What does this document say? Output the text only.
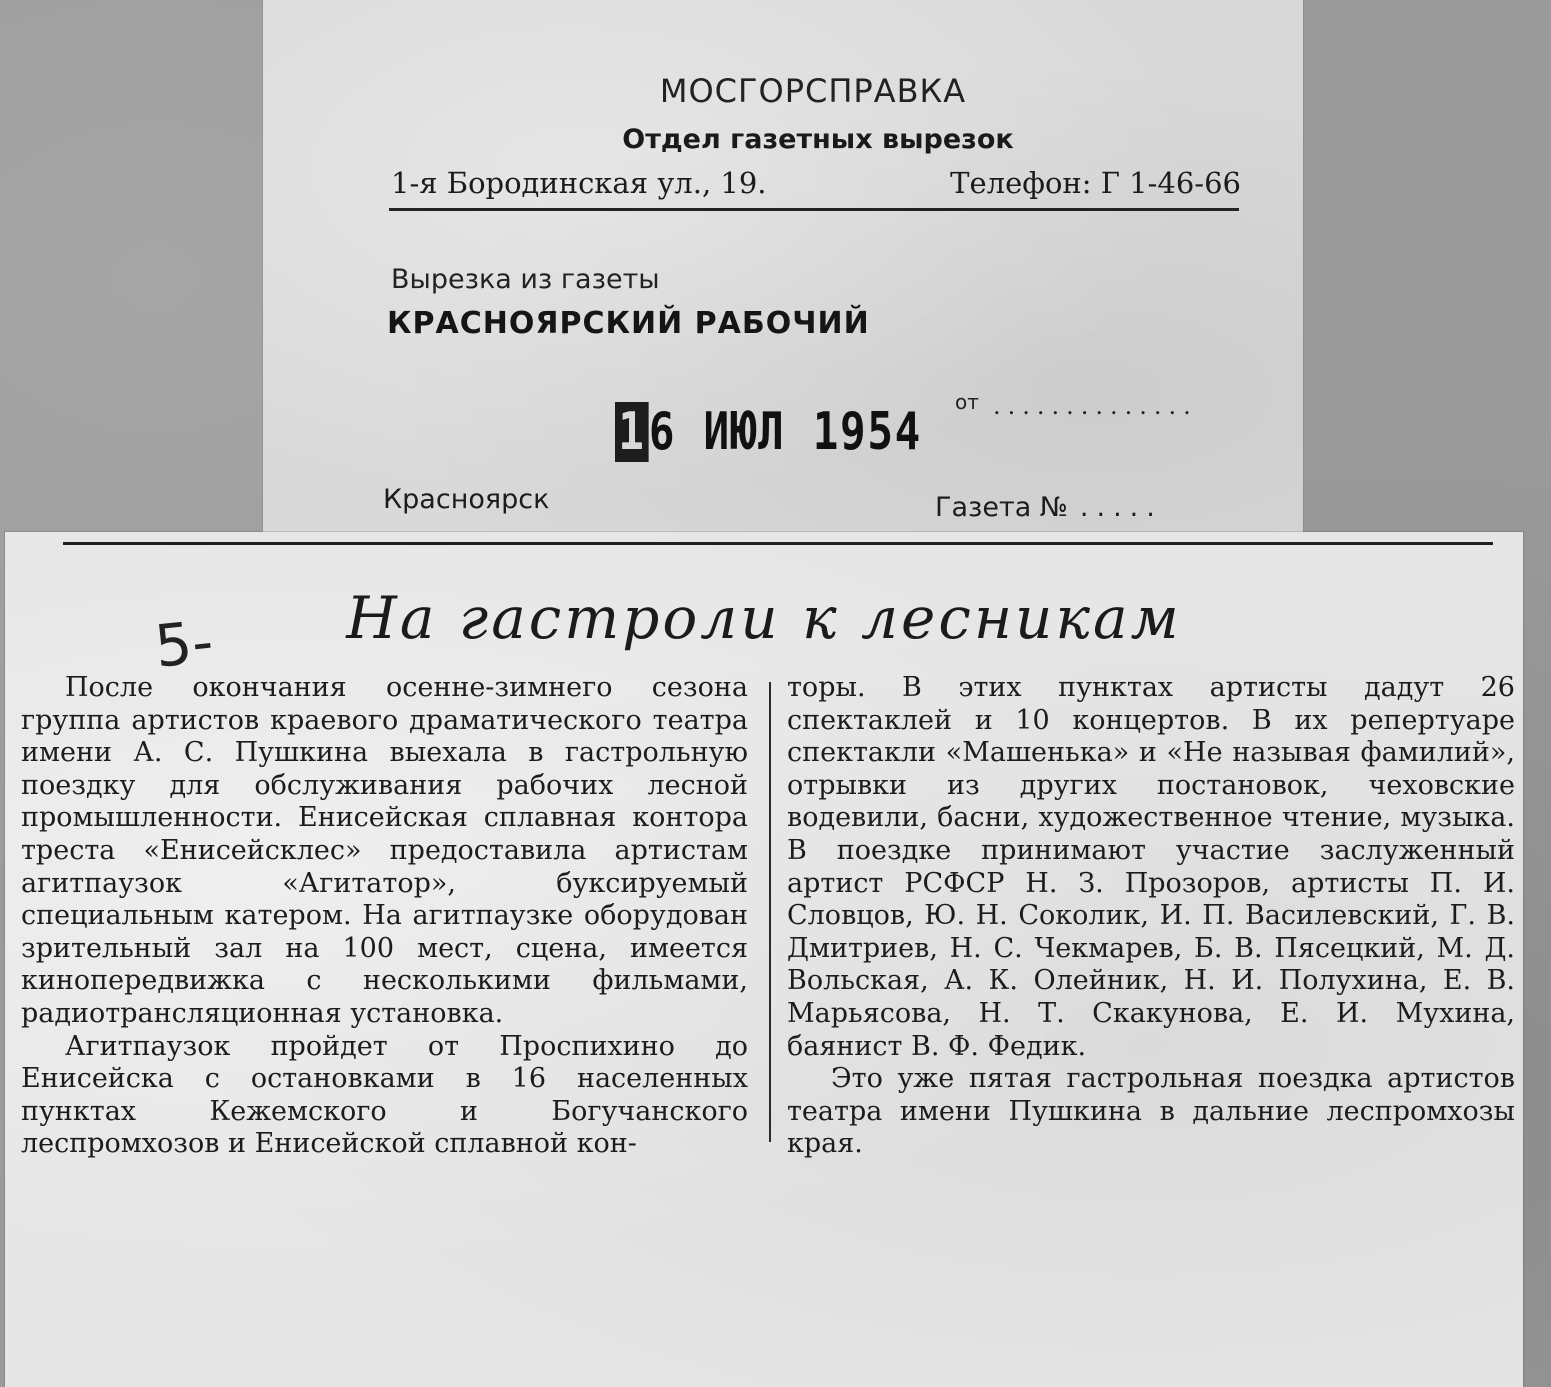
МОСГОРСПРАВКА
Отдел газетных вырезок
1-я Бородинская ул., 19.	Телефон: Г 1-46-66
Вырезка из газеты
КРАСНОЯРСКИЙ РАБОЧИЙ
16 ИЮЛ 1954 от ..............
Красноярск	Газета № .....
5-	На гастроли к лесникам

После окончания осенне-зимнего сезона группа артистов краевого драматического театра имени А. С. Пушкина выехала в гастрольную поездку для обслуживания рабочих лесной промышленности. Енисейская сплавная контора треста «Енисейсклес» предоставила артистам агитпаузок «Агитатор», буксируемый специальным катером. На агитпаузке оборудован зрительный зал на 100 мест, сцена, имеется кинопередвижка с несколькими фильмами, радиотрансляционная установка.

Агитпаузок пройдет от Проспихино до Енисейска с остановками в 16 населенных пунктах Кежемского и Богучанского леспромхозов и Енисейской сплавной кон-

торы. В этих пунктах артисты дадут 26 спектаклей и 10 концертов. В их репертуаре спектакли «Машенька» и «Не называя фамилий», отрывки из других постановок, чеховские водевили, басни, художественное чтение, музыка. В поездке принимают участие заслуженный артист РСФСР Н. З. Прозоров, артисты П. И. Словцов, Ю. Н. Соколик, И. П. Василевский, Г. В. Дмитриев, Н. С. Чекмарев, Б. В. Пясецкий, М. Д. Вольская, А. К. Олейник, Н. И. Полухина, Е. В. Марьясова, Н. Т. Скакунова, Е. И. Мухина, баянист В. Ф. Федик.

Это уже пятая гастрольная поездка артистов театра имени Пушкина в дальние леспромхозы края.
